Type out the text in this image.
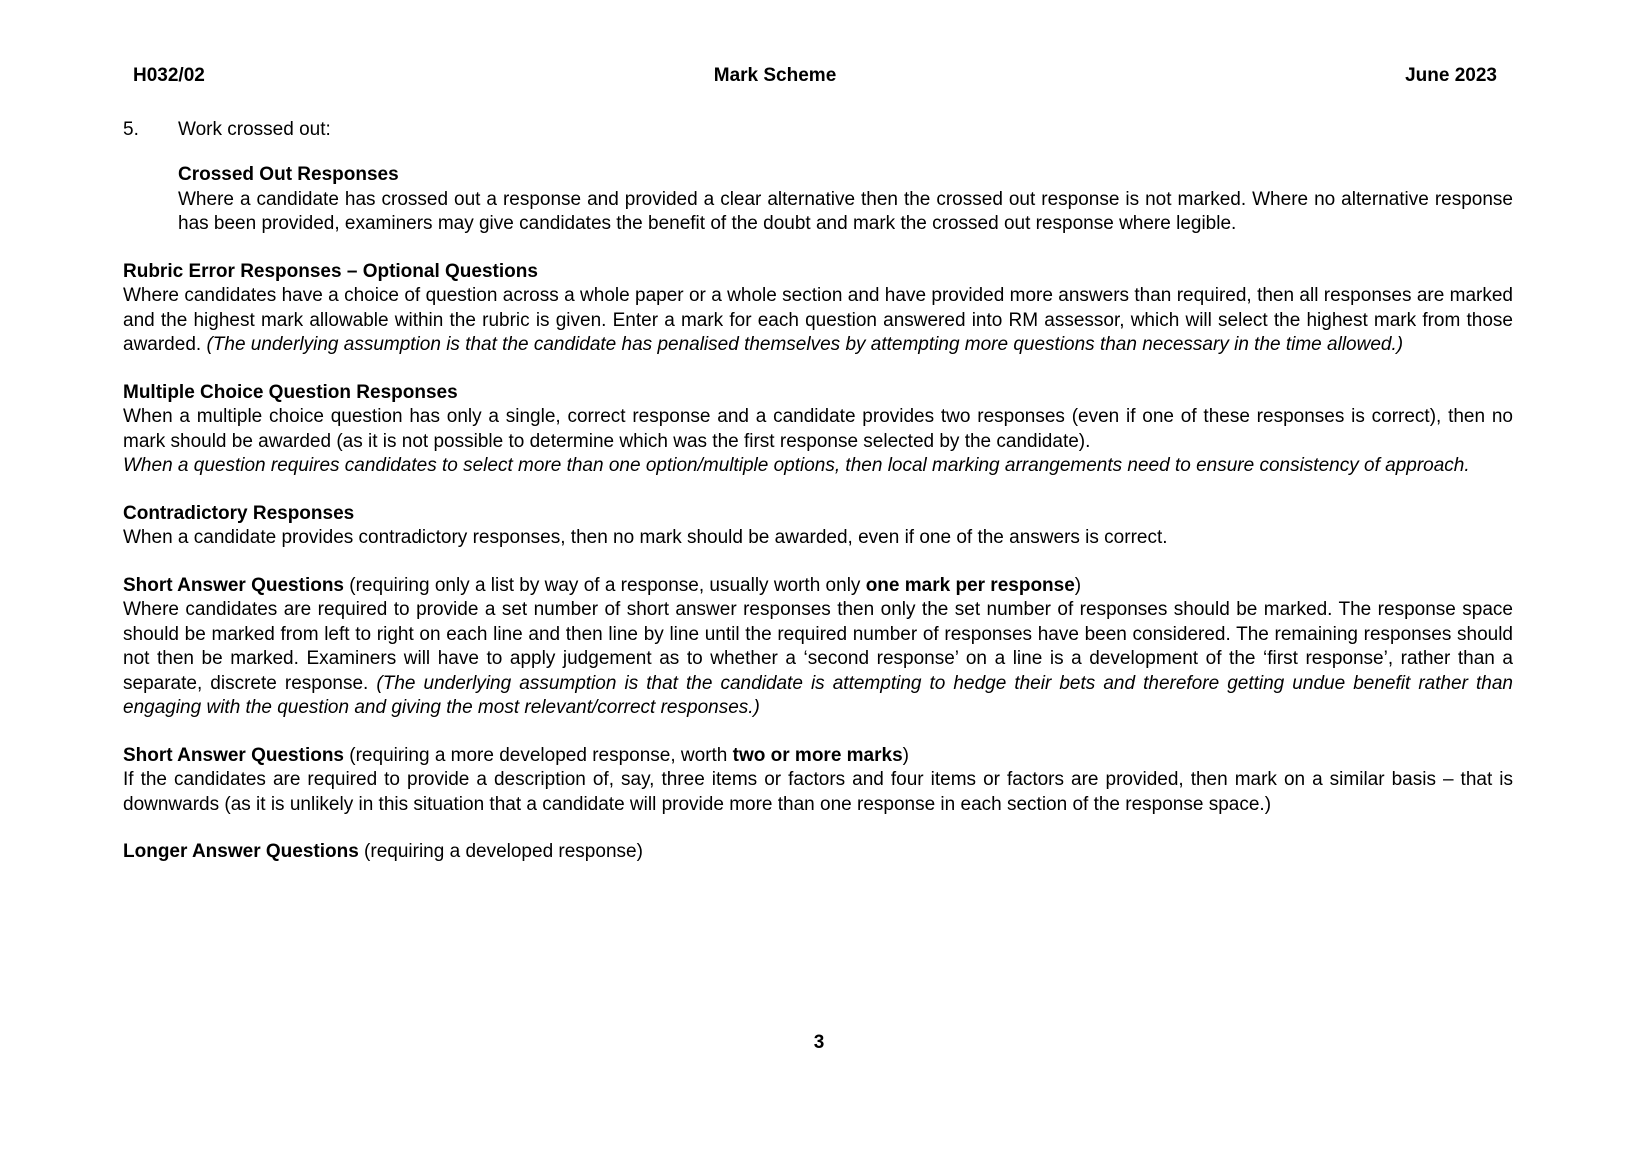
H032/02	Mark Scheme	June 2023
5.	Work crossed out:
Crossed Out Responses

Where a candidate has crossed out a response and provided a clear alternative then the crossed out response is not marked. Where no alternative response has been provided, examiners may give candidates the benefit of the doubt and mark the crossed out response where legible.

Rubric Error Responses – Optional Questions

Where candidates have a choice of question across a whole paper or a whole section and have provided more answers than required, then all responses are marked and the highest mark allowable within the rubric is given. Enter a mark for each question answered into RM assessor, which will select the highest mark from those awarded. (The underlying assumption is that the candidate has penalised themselves by attempting more questions than necessary in the time allowed.)

Multiple Choice Question Responses

When a multiple choice question has only a single, correct response and a candidate provides two responses (even if one of these responses is correct), then no mark should be awarded (as it is not possible to determine which was the first response selected by the candidate).

When a question requires candidates to select more than one option/multiple options, then local marking arrangements need to ensure consistency of approach.

Contradictory Responses

When a candidate provides contradictory responses, then no mark should be awarded, even if one of the answers is correct.

Short Answer Questions (requiring only a list by way of a response, usually worth only one mark per response)

Where candidates are required to provide a set number of short answer responses then only the set number of responses should be marked. The response space should be marked from left to right on each line and then line by line until the required number of responses have been considered. The remaining responses should not then be marked. Examiners will have to apply judgement as to whether a ‘second response’ on a line is a development of the ‘first response’, rather than a separate, discrete response. (The underlying assumption is that the candidate is attempting to hedge their bets and therefore getting undue benefit rather than engaging with the question and giving the most relevant/correct responses.)

Short Answer Questions (requiring a more developed response, worth two or more marks)

If the candidates are required to provide a description of, say, three items or factors and four items or factors are provided, then mark on a similar basis – that is downwards (as it is unlikely in this situation that a candidate will provide more than one response in each section of the response space.)

Longer Answer Questions (requiring a developed response)

3
